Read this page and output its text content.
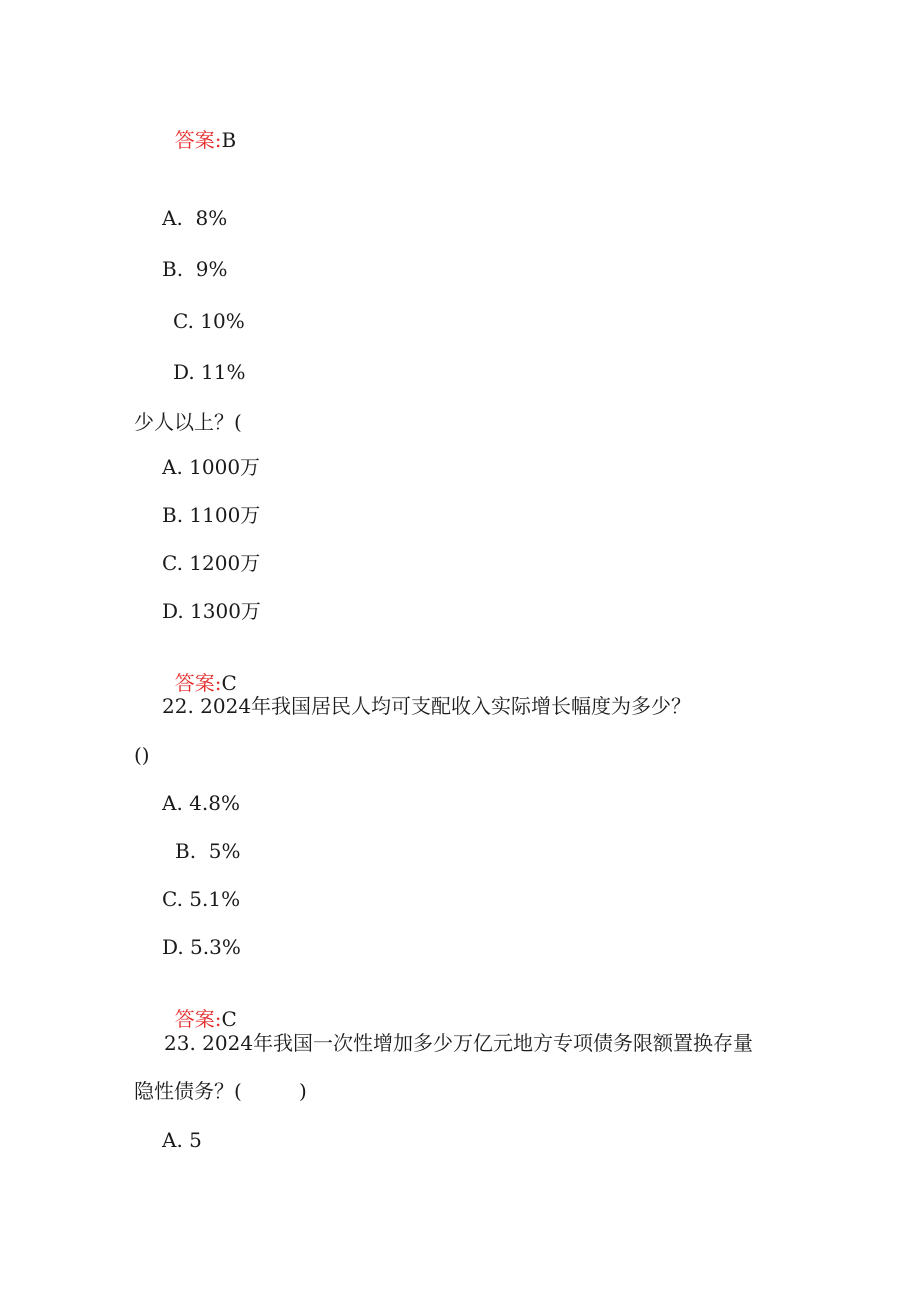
答案:B

A.  8%
B.  9%
C. 10%
D. 11%
少人以上？(
A. 1000万
B. 1100万
C. 1200万
D. 1300万

答案:C

22. 2024年我国居民人均可支配收入实际增长幅度为多少？
()
A. 4.8%
B.  5%
C. 5.1%
D. 5.3%

答案:C

23. 2024年我国一次性增加多少万亿元地方专项债务限额置换存量
隐性债务？(         )
A. 5
